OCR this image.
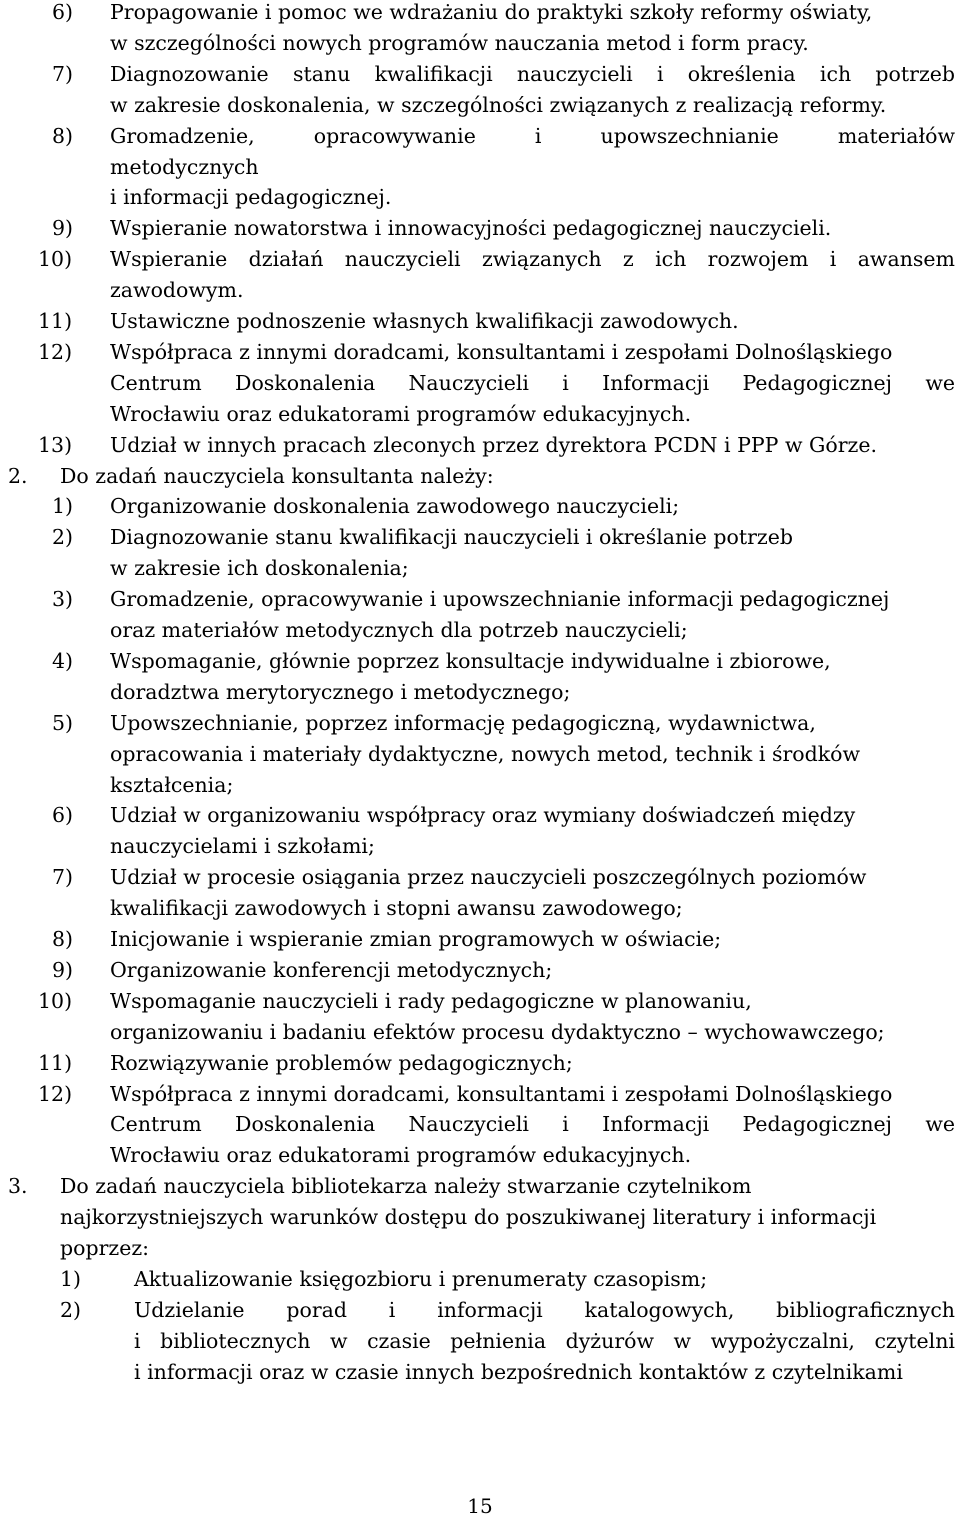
6) Propagowanie i pomoc we wdrażaniu do praktyki szkoły reformy oświaty,
w szczególności nowych programów nauczania metod i form pracy.
7) Diagnozowanie stanu kwalifikacji nauczycieli i określenia ich potrzeb
w zakresie doskonalenia, w szczególności związanych z realizacją reformy.
8) Gromadzenie, opracowywanie i upowszechnianie materiałów
metodycznych
i informacji pedagogicznej.
9) Wspieranie nowatorstwa i innowacyjności pedagogicznej nauczycieli.
10) Wspieranie działań nauczycieli związanych z ich rozwojem i awansem
zawodowym.
11) Ustawiczne podnoszenie własnych kwalifikacji zawodowych.
12) Współpraca z innymi doradcami, konsultantami i zespołami Dolnośląskiego
Centrum Doskonalenia Nauczycieli i Informacji Pedagogicznej we
Wrocławiu oraz edukatorami programów edukacyjnych.
13) Udział w innych pracach zleconych przez dyrektora PCDN i PPP w Górze.
2. Do zadań nauczyciela konsultanta należy:
1) Organizowanie doskonalenia zawodowego nauczycieli;
2) Diagnozowanie stanu kwalifikacji nauczycieli i określanie potrzeb
w zakresie ich doskonalenia;
3) Gromadzenie, opracowywanie i upowszechnianie informacji pedagogicznej
oraz materiałów metodycznych dla potrzeb nauczycieli;
4) Wspomaganie, głównie poprzez konsultacje indywidualne i zbiorowe,
doradztwa merytorycznego i metodycznego;
5) Upowszechnianie, poprzez informację pedagogiczną, wydawnictwa,
opracowania i materiały dydaktyczne, nowych metod, technik i środków
kształcenia;
6) Udział w organizowaniu współpracy oraz wymiany doświadczeń między
nauczycielami i szkołami;
7) Udział w procesie osiągania przez nauczycieli poszczególnych poziomów
kwalifikacji zawodowych i stopni awansu zawodowego;
8) Inicjowanie i wspieranie zmian programowych w oświacie;
9) Organizowanie konferencji metodycznych;
10) Wspomaganie nauczycieli i rady pedagogiczne w planowaniu,
organizowaniu i badaniu efektów procesu dydaktyczno – wychowawczego;
11) Rozwiązywanie problemów pedagogicznych;
12) Współpraca z innymi doradcami, konsultantami i zespołami Dolnośląskiego
Centrum Doskonalenia Nauczycieli i Informacji Pedagogicznej we
Wrocławiu oraz edukatorami programów edukacyjnych.
3. Do zadań nauczyciela bibliotekarza należy stwarzanie czytelnikom
najkorzystniejszych warunków dostępu do poszukiwanej literatury i informacji
poprzez:
1)	Aktualizowanie księgozbioru i prenumeraty czasopism;
2)	Udzielanie porad i informacji katalogowych, bibliograficznych
i bibliotecznych w czasie pełnienia dyżurów w wypożyczalni, czytelni
i informacji oraz w czasie innych bezpośrednich kontaktów z czytelnikami
15
